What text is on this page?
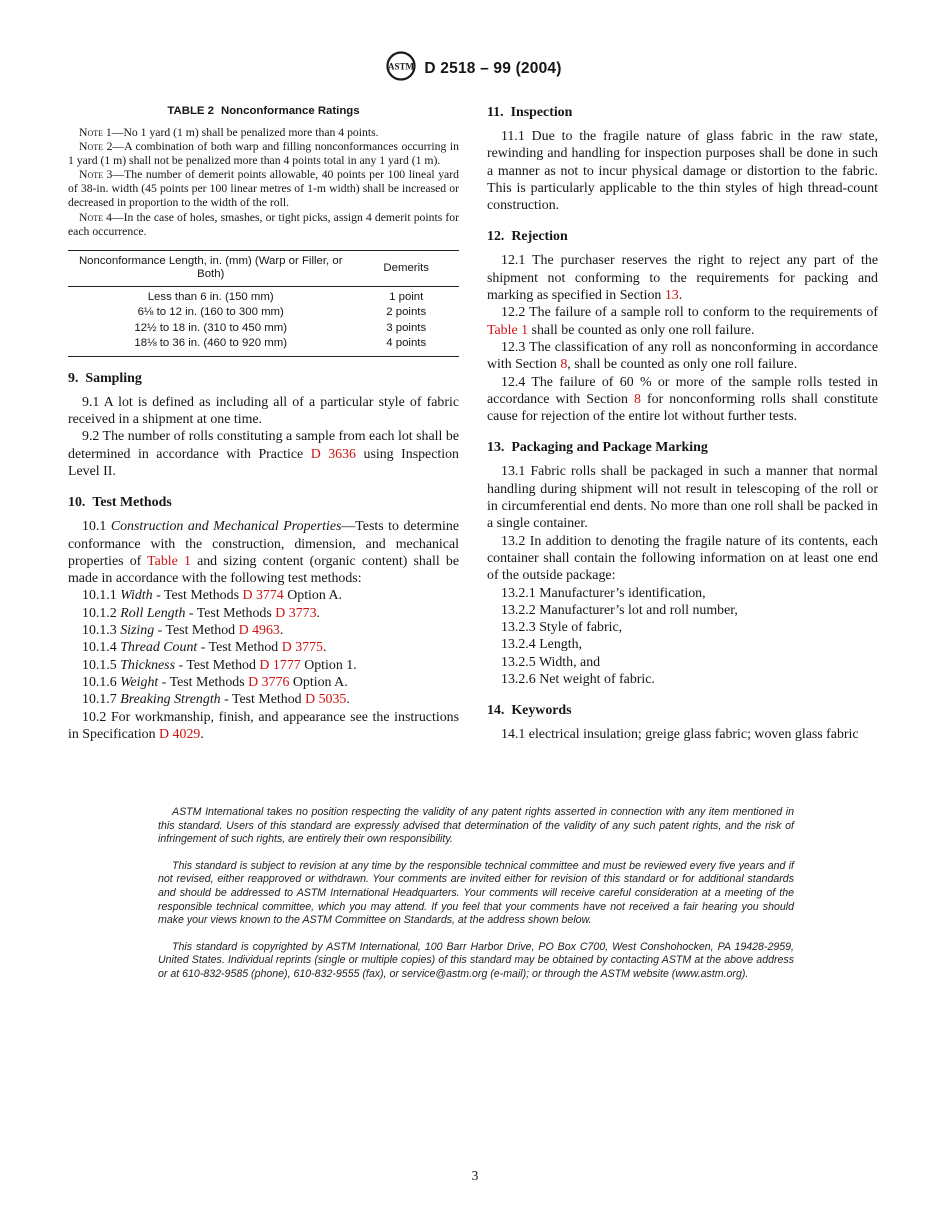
ASTM D 2518 – 99 (2004)
TABLE 2 Nonconformance Ratings

Note 1—No 1 yard (1 m) shall be penalized more than 4 points.

Note 2—A combination of both warp and filling nonconformances occurring in 1 yard (1 m) shall not be penalized more than 4 points total in any 1 yard (1 m).

Note 3—The number of demerit points allowable, 40 points per 100 lineal yard of 38-in. width (45 points per 100 linear metres of 1-m width) shall be increased or decreased in proportion to the width of the roll.

Note 4—In the case of holes, smashes, or tight picks, assign 4 demerit points for each occurrence.

Nonconformance Length, in. (mm) (Warp or Filler, or Both)	Demerits
Less than 6 in. (150 mm)	1 point
6⅛ to 12 in. (160 to 300 mm)	2 points
12½ to 18 in. (310 to 450 mm)	3 points
18⅛ to 36 in. (460 to 920 mm)	4 points
9. Sampling

9.1 A lot is defined as including all of a particular style of fabric received in a shipment at one time.

9.2 The number of rolls constituting a sample from each lot shall be determined in accordance with Practice D 3636 using Inspection Level II.

10. Test Methods

10.1 Construction and Mechanical Properties—Tests to determine conformance with the construction, dimension, and mechanical properties of Table 1 and sizing content (organic content) shall be made in accordance with the following test methods:

10.1.1 Width - Test Methods D 3774 Option A.

10.1.2 Roll Length - Test Methods D 3773.

10.1.3 Sizing - Test Method D 4963.

10.1.4 Thread Count - Test Method D 3775.

10.1.5 Thickness - Test Method D 1777 Option 1.

10.1.6 Weight - Test Methods D 3776 Option A.

10.1.7 Breaking Strength - Test Method D 5035.

10.2 For workmanship, finish, and appearance see the instructions in Specification D 4029.

11. Inspection

11.1 Due to the fragile nature of glass fabric in the raw state, rewinding and handling for inspection purposes shall be done in such a manner as not to incur physical damage or distortion to the fabric. This is particularly applicable to the thin styles of high thread-count construction.

12. Rejection

12.1 The purchaser reserves the right to reject any part of the shipment not conforming to the requirements for packing and marking as specified in Section 13.

12.2 The failure of a sample roll to conform to the requirements of Table 1 shall be counted as only one roll failure.

12.3 The classification of any roll as nonconforming in accordance with Section 8, shall be counted as only one roll failure.

12.4 The failure of 60 % or more of the sample rolls tested in accordance with Section 8 for nonconforming rolls shall constitute cause for rejection of the entire lot without further tests.

13. Packaging and Package Marking

13.1 Fabric rolls shall be packaged in such a manner that normal handling during shipment will not result in telescoping of the roll or in circumferential end dents. No more than one roll shall be packed in a single container.

13.2 In addition to denoting the fragile nature of its contents, each container shall contain the following information on at least one end of the outside package:

13.2.1 Manufacturer’s identification,

13.2.2 Manufacturer’s lot and roll number,

13.2.3 Style of fabric,

13.2.4 Length,

13.2.5 Width, and

13.2.6 Net weight of fabric.

14. Keywords

14.1 electrical insulation; greige glass fabric; woven glass fabric

ASTM International takes no position respecting the validity of any patent rights asserted in connection with any item mentioned in this standard. Users of this standard are expressly advised that determination of the validity of any such patent rights, and the risk of infringement of such rights, are entirely their own responsibility.

This standard is subject to revision at any time by the responsible technical committee and must be reviewed every five years and if not revised, either reapproved or withdrawn. Your comments are invited either for revision of this standard or for additional standards and should be addressed to ASTM International Headquarters. Your comments will receive careful consideration at a meeting of the responsible technical committee, which you may attend. If you feel that your comments have not received a fair hearing you should make your views known to the ASTM Committee on Standards, at the address shown below.

This standard is copyrighted by ASTM International, 100 Barr Harbor Drive, PO Box C700, West Conshohocken, PA 19428-2959, United States. Individual reprints (single or multiple copies) of this standard may be obtained by contacting ASTM at the above address or at 610-832-9585 (phone), 610-832-9555 (fax), or service@astm.org (e-mail); or through the ASTM website (www.astm.org).

3
